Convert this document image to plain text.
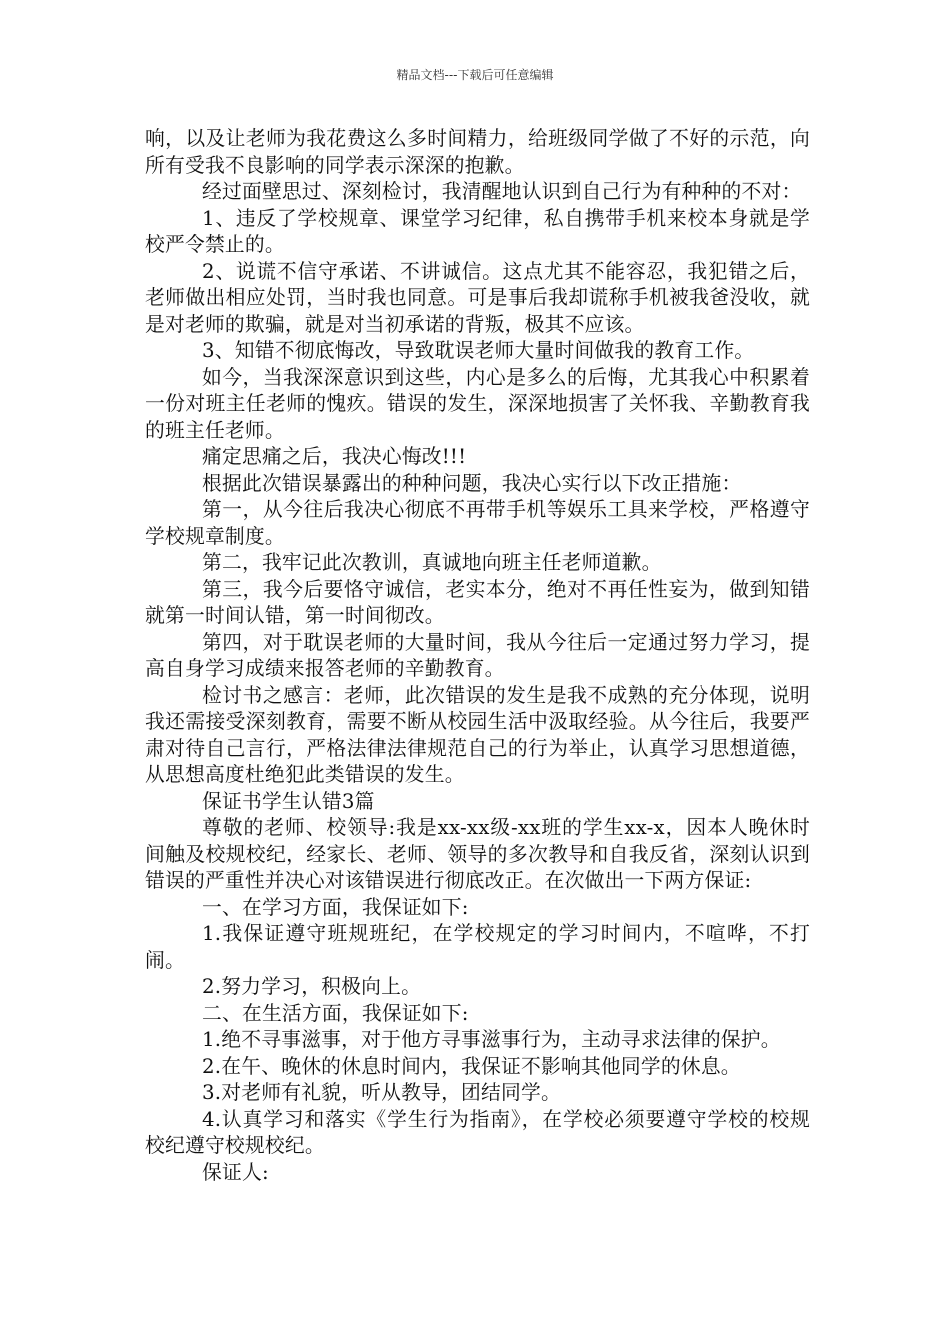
精品文档---下载后可任意编辑

响，以及让老师为我花费这么多时间精力，给班级同学做了不好的示范，向所有受我不良影响的同学表示深深的抱歉。

经过面壁思过、深刻检讨，我清醒地认识到自己行为有种种的不对：

1、违反了学校规章、课堂学习纪律，私自携带手机来校本身就是学校严令禁止的。

2、说谎不信守承诺、不讲诚信。这点尤其不能容忍，我犯错之后，老师做出相应处罚，当时我也同意。可是事后我却谎称手机被我爸没收，就是对老师的欺骗，就是对当初承诺的背叛，极其不应该。

3、知错不彻底悔改，导致耽误老师大量时间做我的教育工作。

如今，当我深深意识到这些，内心是多么的后悔，尤其我心中积累着一份对班主任老师的愧疚。错误的发生，深深地损害了关怀我、辛勤教育我的班主任老师。

痛定思痛之后，我决心悔改!!!

根据此次错误暴露出的种种问题，我决心实行以下改正措施：

第一，从今往后我决心彻底不再带手机等娱乐工具来学校，严格遵守学校规章制度。

第二，我牢记此次教训，真诚地向班主任老师道歉。

第三，我今后要恪守诚信，老实本分，绝对不再任性妄为，做到知错就第一时间认错，第一时间彻改。

第四，对于耽误老师的大量时间，我从今往后一定通过努力学习，提高自身学习成绩来报答老师的辛勤教育。

检讨书之感言：老师，此次错误的发生是我不成熟的充分体现，说明我还需接受深刻教育，需要不断从校园生活中汲取经验。从今往后，我要严肃对待自己言行，严格法律法律规范自己的行为举止，认真学习思想道德，从思想高度杜绝犯此类错误的发生。

保证书学生认错3篇

尊敬的老师、校领导:我是xx-xx级-xx班的学生xx-x，因本人晚休时间触及校规校纪，经家长、老师、领导的多次教导和自我反省，深刻认识到错误的严重性并决心对该错误进行彻底改正。在次做出一下两方保证:

一、在学习方面，我保证如下:

1.我保证遵守班规班纪，在学校规定的学习时间内，不喧哗，不打闹。

2.努力学习，积极向上。

二、在生活方面，我保证如下:

1.绝不寻事滋事，对于他方寻事滋事行为，主动寻求法律的保护。

2.在午、晚休的休息时间内，我保证不影响其他同学的休息。

3.对老师有礼貌，听从教导，团结同学。

4.认真学习和落实《学生行为指南》，在学校必须要遵守学校的校规校纪遵守校规校纪。

保证人:
